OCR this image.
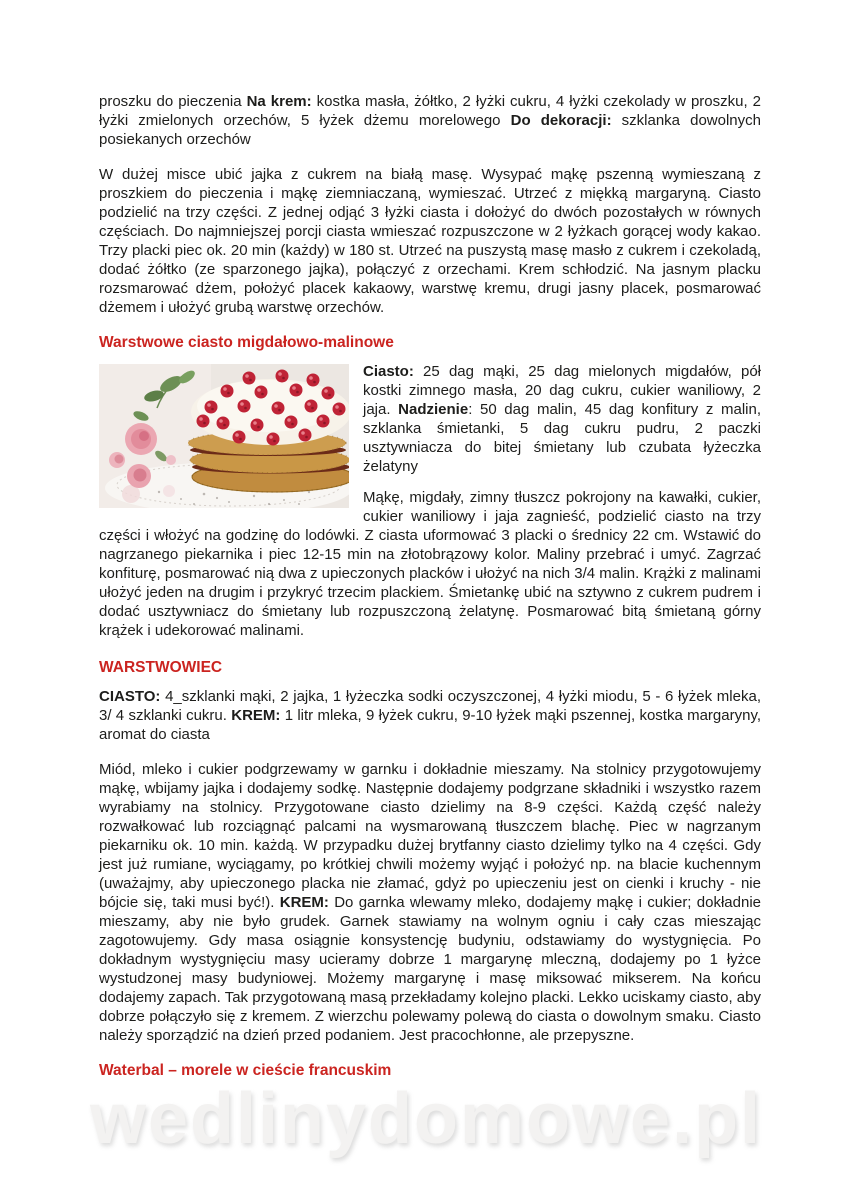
wedlinydomowe.pl

proszku do pieczenia Na krem: kostka masła, żółtko, 2 łyżki cukru, 4 łyżki czekolady w proszku, 2 łyżki zmielonych orzechów, 5 łyżek dżemu morelowego Do dekoracji: szklanka dowolnych posiekanych orzechów

W dużej misce ubić jajka z cukrem na białą masę. Wysypać mąkę pszenną wymieszaną z proszkiem do pieczenia i mąkę ziemniaczaną, wymieszać. Utrzeć z miękką margaryną. Ciasto podzielić na trzy części. Z jednej odjąć 3 łyżki ciasta i dołożyć do dwóch pozostałych w równych częściach. Do najmniejszej porcji ciasta wmieszać rozpuszczone w 2 łyżkach gorącej wody kakao. Trzy placki piec ok. 20 min (każdy) w 180 st. Utrzeć na puszystą masę masło z cukrem i czekoladą, dodać żółtko (ze sparzonego jajka), połączyć z orzechami. Krem schłodzić. Na jasnym placku rozsmarować dżem, położyć placek kakaowy, warstwę kremu, drugi jasny placek, posmarować dżemem i ułożyć grubą warstwę orzechów.

Warstwowe ciasto migdałowo-malinowe

Ciasto: 25 dag mąki, 25 dag mielonych migdałów, pół kostki zimnego masła, 20 dag cukru, cukier waniliowy, 2 jaja. Nadzienie: 50 dag malin, 45 dag konfitury z malin, szklanka śmietanki, 5 dag cukru pudru, 2 paczki usztywniacza do bitej śmietany lub czubata łyżeczka żelatyny

Mąkę, migdały, zimny tłuszcz pokrojony na kawałki, cukier, cukier waniliowy i jaja zagnieść, podzielić ciasto na trzy części i włożyć na godzinę do lodówki. Z ciasta uformować 3 placki o średnicy 22 cm. Wstawić do nagrzanego piekarnika i piec 12-15 min na złotobrązowy kolor. Maliny przebrać i umyć. Zagrzać konfiturę, posmarować nią dwa z upieczonych placków i ułożyć na nich 3/4 malin. Krążki z malinami ułożyć jeden na drugim i przykryć trzecim plackiem. Śmietankę ubić na sztywno z cukrem pudrem i dodać usztywniacz do śmietany lub rozpuszczoną żelatynę. Posmarować bitą śmietaną górny krążek i udekorować malinami.

WARSTWOWIEC

CIASTO: 4_szklanki mąki, 2 jajka, 1 łyżeczka sodki oczyszczonej, 4 łyżki miodu, 5 - 6 łyżek mleka, 3/ 4 szklanki cukru. KREM: 1 litr mleka, 9 łyżek cukru, 9-10 łyżek mąki pszennej, kostka margaryny, aromat do ciasta

Miód, mleko i cukier podgrzewamy w garnku i dokładnie mieszamy. Na stolnicy przygotowujemy mąkę, wbijamy jajka i dodajemy sodkę. Następnie dodajemy podgrzane składniki i wszystko razem wyrabiamy na stolnicy. Przygotowane ciasto dzielimy na 8-9 części. Każdą część należy rozwałkować lub rozciągnąć palcami na wysmarowaną tłuszczem blachę. Piec w nagrzanym piekarniku ok. 10 min. każdą. W przypadku dużej brytfanny ciasto dzielimy tylko na 4 części. Gdy jest już rumiane, wyciągamy, po krótkiej chwili możemy wyjąć i położyć np. na blacie kuchennym (uważajmy, aby upieczonego placka nie złamać, gdyż po upieczeniu jest on cienki i kruchy - nie bójcie się, taki musi być!). KREM: Do garnka wlewamy mleko, dodajemy mąkę i cukier; dokładnie mieszamy, aby nie było grudek. Garnek stawiamy na wolnym ogniu i cały czas mieszając zagotowujemy. Gdy masa osiągnie konsystencję budyniu, odstawiamy do wystygnięcia. Po dokładnym wystygnięciu masy ucieramy dobrze 1 margarynę mleczną, dodajemy po 1 łyżce wystudzonej masy budyniowej. Możemy margarynę i masę miksować mikserem. Na końcu dodajemy zapach. Tak przygotowaną masą przekładamy kolejno placki. Lekko uciskamy ciasto, aby dobrze połączyło się z kremem. Z wierzchu polewamy polewą do ciasta o dowolnym smaku. Ciasto należy sporządzić na dzień przed podaniem. Jest pracochłonne, ale przepyszne.

Waterbal – morele w cieście francuskim
